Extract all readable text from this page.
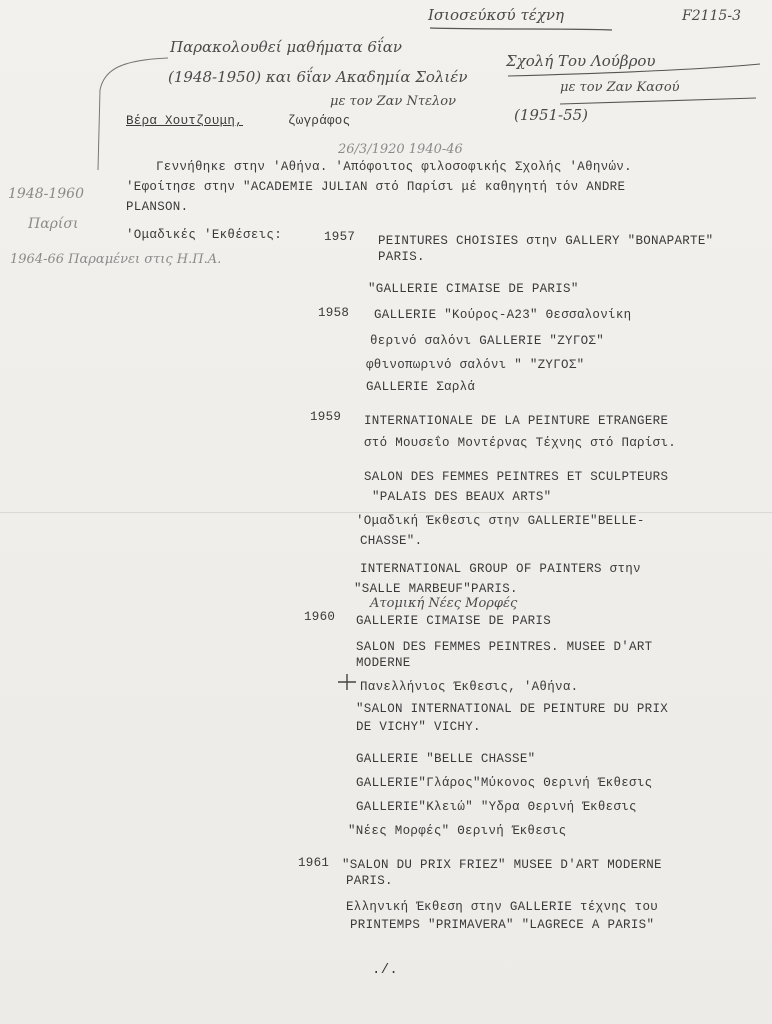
Ισιοσεύκσύ τέχνη	F2115-3
Παρακολουθεί μαθήματα 6ΐαν
Σχολή Του Λούβρου
(1948-1950) και 6ΐαν Ακαδημία Σολιέν
με τον Ζαν Κασού
με τον Ζαν Ντελον
(1951-55)
26/3/1920 1940-46
1948-1960
Παρίσι
1964-66 Παραμένει στις Η.Π.Α.
Ατομική Νέες Μορφές
Βέρα Χουτζουμη,	ζωγράφος
Γεννήθηκε στην 'Αθήνα. 'Απόφοιτος φιλοσοφικής Σχολής 'Αθηνών.
'Εφοίτησε στην "ACADEMIE JULIAN στό Παρίσι μέ καθηγητή τόν ANDRE
PLANSON.
'Ομαδικές 'Εκθέσεις:	1957 PEINTURES CHOISIES στην GALLERY "BONAPARTE"
PARIS.
"GALLERIE CIMAISE DE PARIS"
1958 GALLERIE "Κούρος-Α23" Θεσσαλονίκη
θερινό σαλόνι GALLERIE "ΖΥΓΟΣ"
φθινοπωρινό σαλόνι " "ΖΥΓΟΣ"
GALLERIE Σαρλά
1959 INTERNATIONALE DE LA PEINTURE ETRANGERE
στό Μουσεΐο Μοντέρνας Τέχνης στό Παρίσι.
SALON DES FEMMES PEINTRES ET SCULPTEURS
"PALAIS DES BEAUX ARTS"
'Ομαδική Έκθεσις στην GALLERIE"BELLE-
CHASSE".
INTERNATIONAL GROUP OF PAINTERS στην
"SALLE MARBEUF"PARIS.
1960 GALLERIE CIMAISE DE PARIS
SALON DES FEMMES PEINTRES. MUSEE D'ART
MODERNE
Πανελλήνιος Έκθεσις, 'Αθήνα.
"SALON INTERNATIONAL DE PEINTURE DU PRIX
DE VICHY" VICHY.
GALLERIE "BELLE CHASSE"
GALLERIE"Γλάρος"Μύκονος Θερινή Έκθεσις
GALLERIE"Κλειώ" "Υδρα Θερινή Έκθεσις
"Νέες Μορφές" Θερινή Έκθεσις
1961 "SALON DU PRIX FRIEZ" MUSEE D'ART MODERNE
PARIS.
Ελληνική Έκθεση στην GALLERIE τέχνης του
PRINTEMPS "PRIMAVERA" "LAGRECE A PARIS"
./.
